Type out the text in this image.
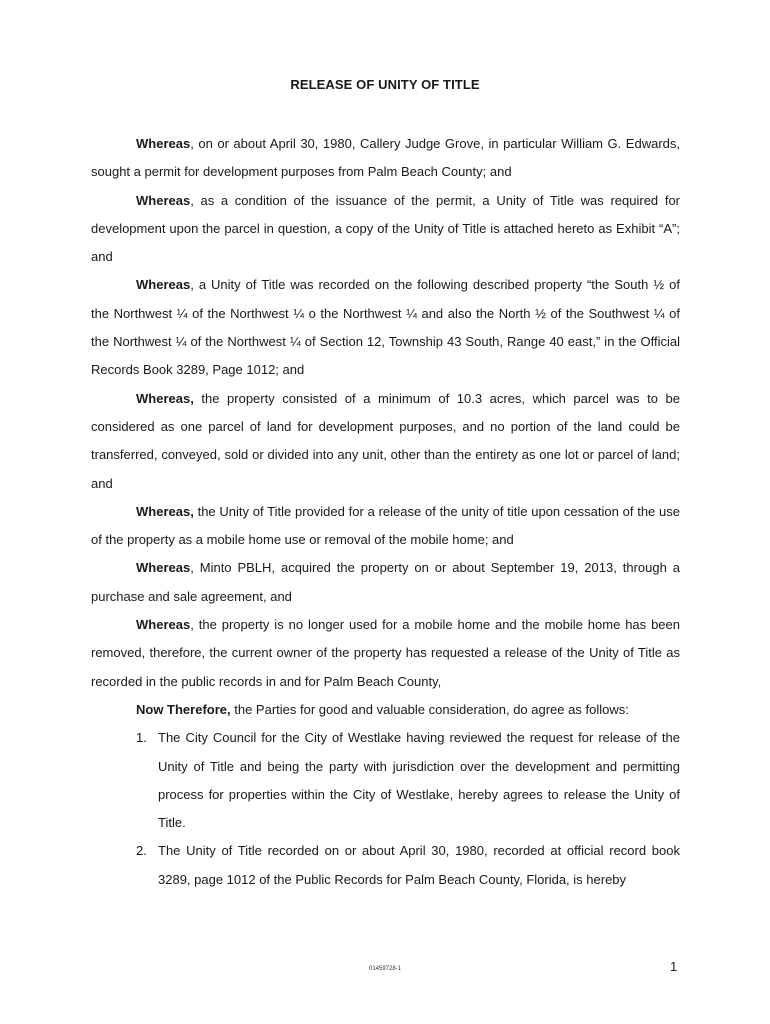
RELEASE OF UNITY OF TITLE

Whereas, on or about April 30, 1980, Callery Judge Grove, in particular William G. Edwards, sought a permit for development purposes from Palm Beach County; and

Whereas, as a condition of the issuance of the permit, a Unity of Title was required for development upon the parcel in question, a copy of the Unity of Title is attached hereto as Exhibit “A”; and

Whereas, a Unity of Title was recorded on the following described property “the South ½ of the Northwest ¼ of the Northwest ¼ o the Northwest ¼ and also the North ½ of the Southwest ¼ of the Northwest ¼ of the Northwest ¼ of Section 12, Township 43 South, Range 40 east,” in the Official Records Book 3289, Page 1012; and

Whereas, the property consisted of a minimum of 10.3 acres, which parcel was to be considered as one parcel of land for development purposes, and no portion of the land could be transferred, conveyed, sold or divided into any unit, other than the entirety as one lot or parcel of land; and

Whereas, the Unity of Title provided for a release of the unity of title upon cessation of the use of the property as a mobile home use or removal of the mobile home; and

Whereas, Minto PBLH, acquired the property on or about September 19, 2013, through a purchase and sale agreement, and

Whereas, the property is no longer used for a mobile home and the mobile home has been removed, therefore, the current owner of the property has requested a release of the Unity of Title as recorded in the public records in and for Palm Beach County,

Now Therefore, the Parties for good and valuable consideration, do agree as follows:

1. The City Council for the City of Westlake having reviewed the request for release of the Unity of Title and being the party with jurisdiction over the development and permitting process for properties within the City of Westlake, hereby agrees to release the Unity of Title.
2. The Unity of Title recorded on or about April 30, 1980, recorded at official record book 3289, page 1012 of the Public Records for Palm Beach County, Florida, is hereby
01459728-1	1
